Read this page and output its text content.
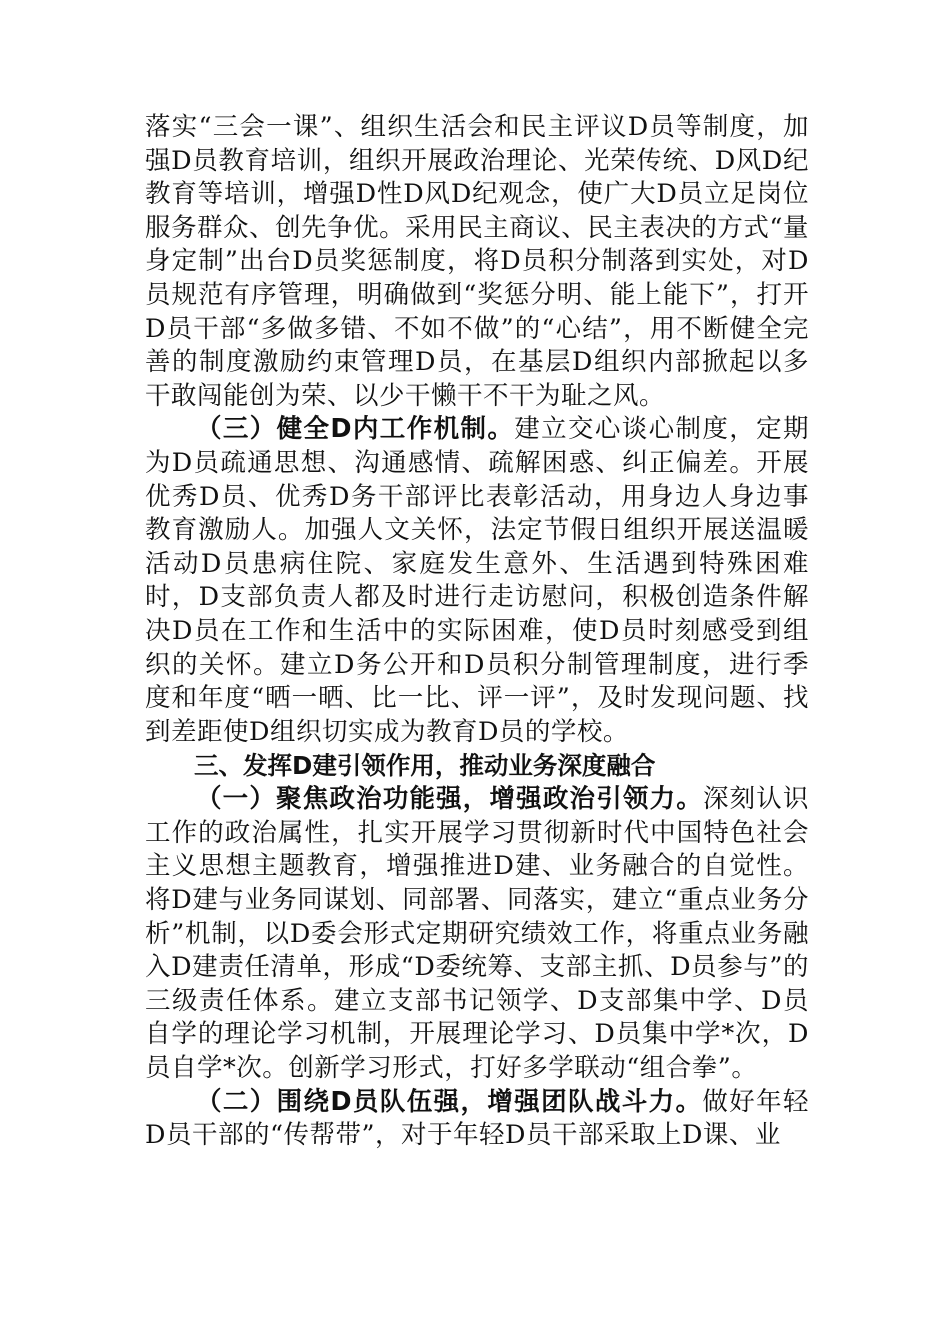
落实“三会一课”、组织生活会和民主评议D员等制度，加强D员教育培训，组织开展政治理论、光荣传统、D风D纪教育等培训，增强D性D风D纪观念，使广大D员立足岗位服务群众、创先争优。采用民主商议、民主表决的方式“量身定制”出台D员奖惩制度，将D员积分制落到实处，对D员规范有序管理，明确做到“奖惩分明、能上能下”，打开D员干部“多做多错、不如不做”的“心结”，用不断健全完善的制度激励约束管理D员，在基层D组织内部掀起以多干敢闯能创为荣、以少干懒干不干为耻之风。

（三）健全D内工作机制。建立交心谈心制度，定期为D员疏通思想、沟通感情、疏解困惑、纠正偏差。开展优秀D员、优秀D务干部评比表彰活动，用身边人身边事教育激励人。加强人文关怀，法定节假日组织开展送温暖活动D员患病住院、家庭发生意外、生活遇到特殊困难时，D支部负责人都及时进行走访慰问，积极创造条件解决D员在工作和生活中的实际困难，使D员时刻感受到组织的关怀。建立D务公开和D员积分制管理制度，进行季度和年度“晒一晒、比一比、评一评”，及时发现问题、找到差距使D组织切实成为教育D员的学校。

三、发挥D建引领作用，推动业务深度融合

（一）聚焦政治功能强，增强政治引领力。深刻认识工作的政治属性，扎实开展学习贯彻新时代中国特色社会主义思想主题教育，增强推进D建、业务融合的自觉性。将D建与业务同谋划、同部署、同落实，建立“重点业务分析”机制，以D委会形式定期研究绩效工作，将重点业务融入D建责任清单，形成“D委统筹、支部主抓、D员参与”的三级责任体系。建立支部书记领学、D支部集中学、D员自学的理论学习机制，开展理论学习、D员集中学*次，D员自学*次。创新学习形式，打好多学联动“组合拳”。

（二）围绕D员队伍强，增强团队战斗力。做好年轻D员干部的“传帮带”，对于年轻D员干部采取上D课、业
